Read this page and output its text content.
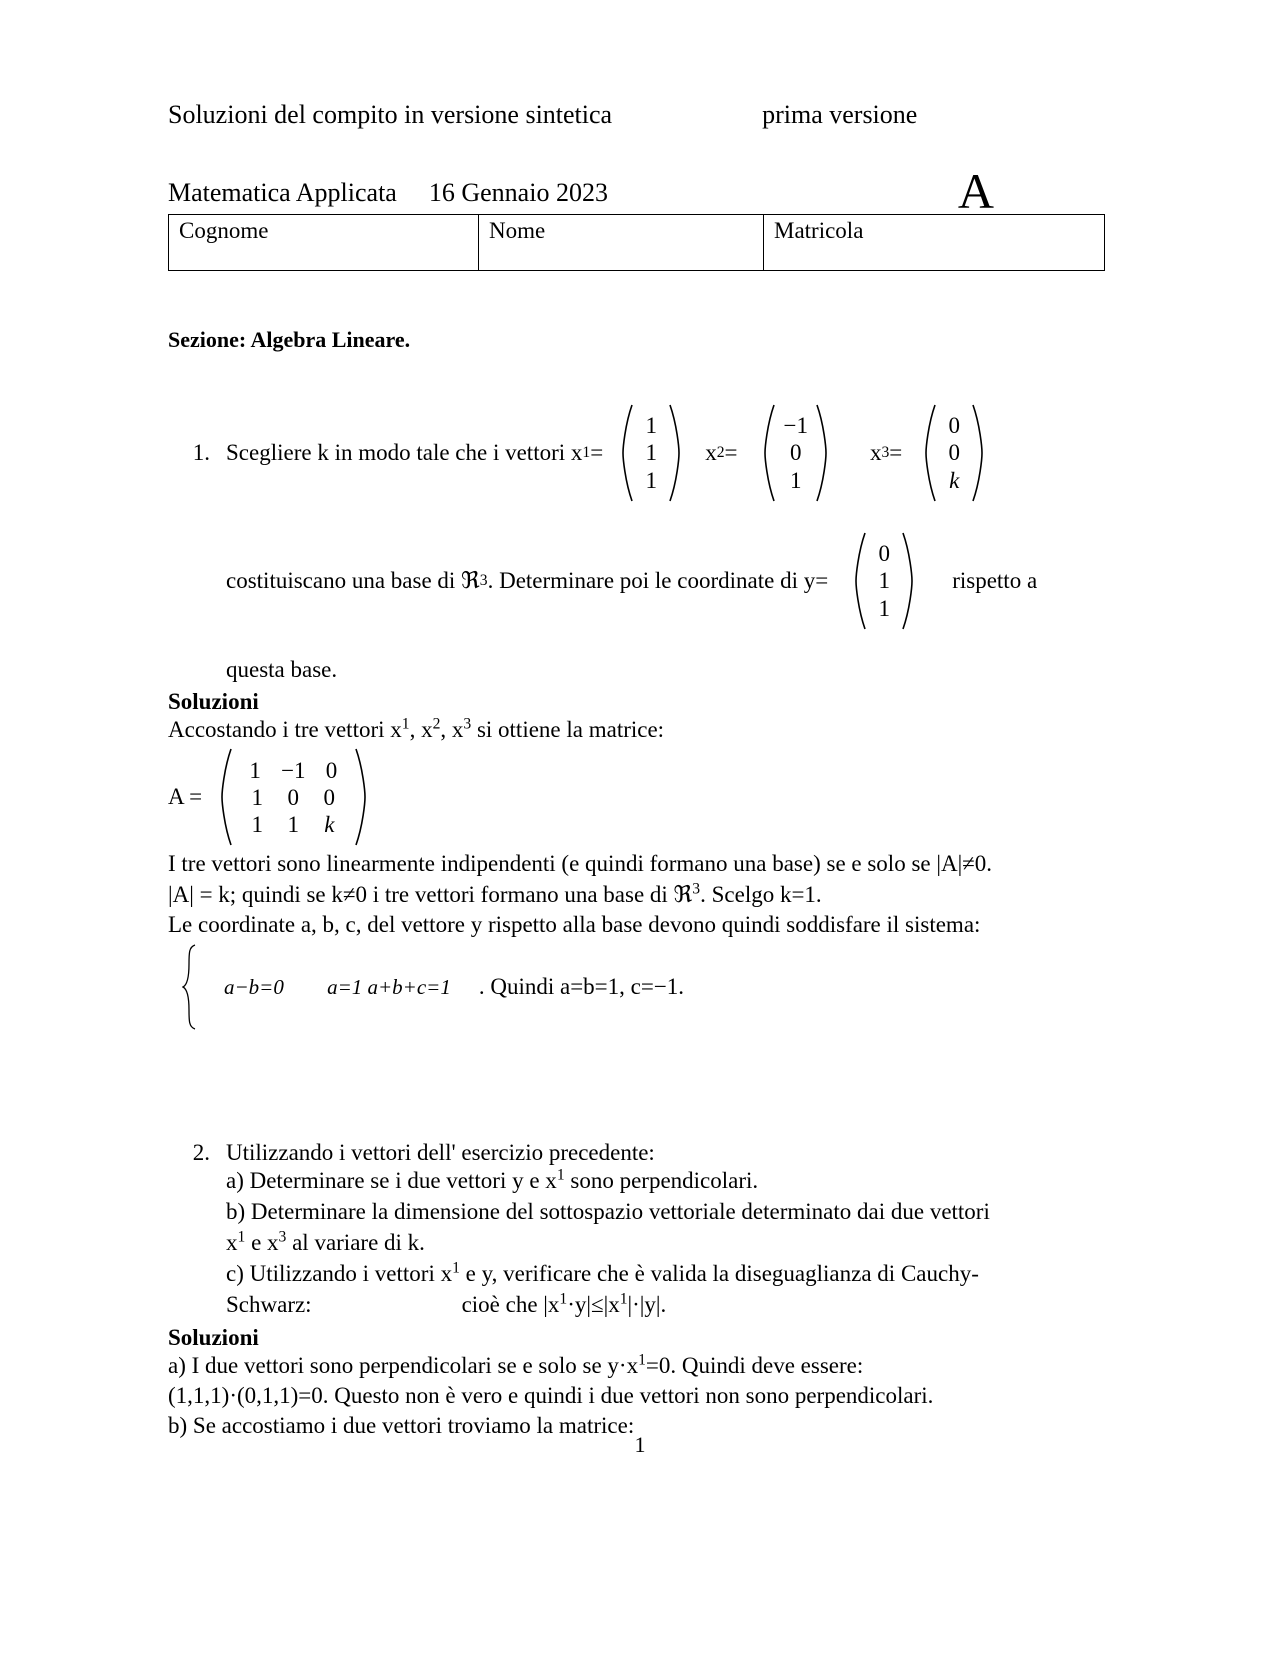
Soluzioni del compito in versione sintetica	prima versione
Matematica Applicata 16 Gennaio 2023	A
Cognome	Nome	Matricola
Sezione: Algebra Lineare.
1. Scegliere k in modo tale che i vettori x 1 =
1
1
1
x 2 =
−1
0
1
x 3 =
0
0
k
costituiscano una base di ℜ 3 . Determinare poi le coordinate di y=
0
1
1
rispetto a
questa base.
Soluzioni
Accostando i tre vettori $x^1$, $x^2$, $x^3$ si ottiene la matrice:
A =
1 −1 0
1	0	0
1	1	k
I tre vettori sono linearmente indipendenti (e quindi formano una base) se e solo se |A|≠0.
|A| = k; quindi se k≠0 i tre vettori formano una base di ℜ$^3$. Scelgo k=1.
Le coordinate a, b, c, del vettore y rispetto alla base devono quindi soddisfare il sistema:
a−b=0 a=1 a+b+c=1 . Quindi a=b=1, c=−1.
2. Utilizzando i vettori dell' esercizio precedente:
a) Determinare se i due vettori y e $x^1$ sono perpendicolari.
b) Determinare la dimensione del sottospazio vettoriale determinato dai due vettori
$x^1$ e $x^3$ al variare di k.
c) Utilizzando i vettori $x^1$ e y, verificare che è valida la diseguaglianza di Cauchy-
Schwarz:	cioè che $|x^1\cdot y|\le|x^1|\cdot|y|$.
Soluzioni
a) I due vettori sono perpendicolari se e solo se $y\cdot x^1=0$. Quindi deve essere:
(1,1,1)·(0,1,1)=0. Questo non è vero e quindi i due vettori non sono perpendicolari.
b) Se accostiamo i due vettori troviamo la matrice:
1
